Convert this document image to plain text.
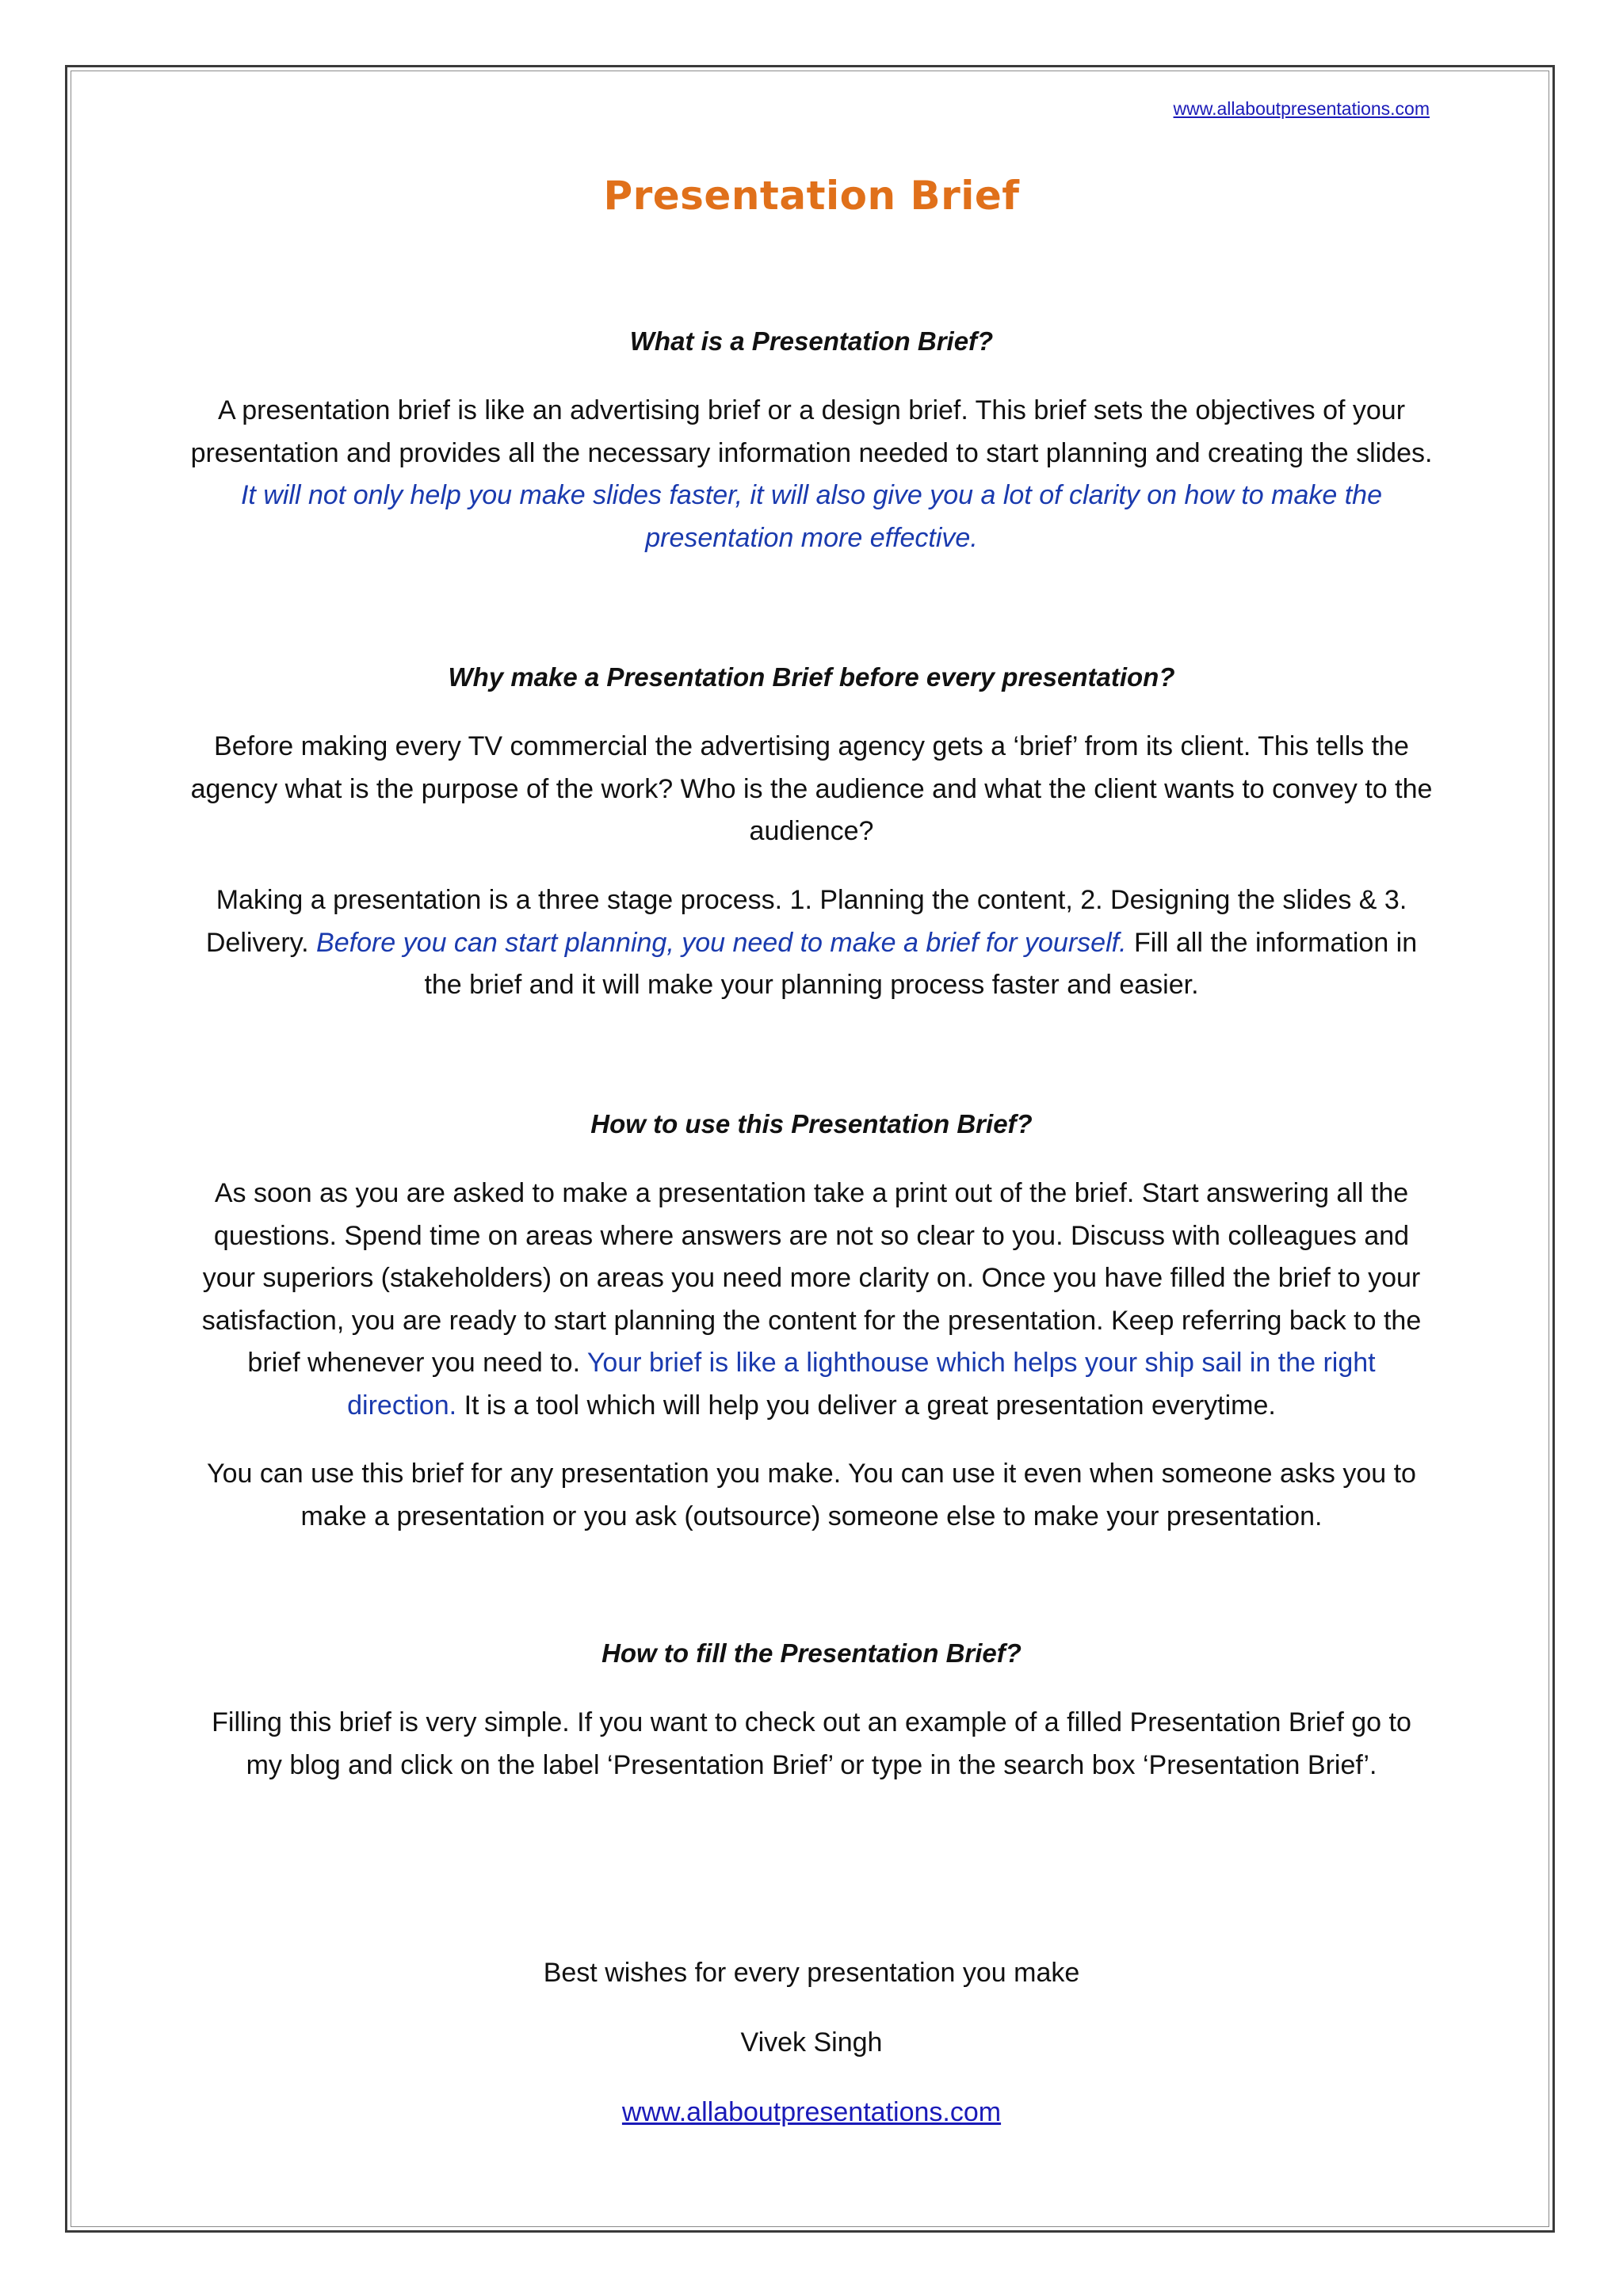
www.allaboutpresentations.com
Presentation Brief
What is a Presentation Brief?

A presentation brief is like an advertising brief or a design brief. This brief sets the objectives of your presentation and provides all the necessary information needed to start planning and creating the slides. It will not only help you make slides faster, it will also give you a lot of clarity on how to make the presentation more effective.

Why make a Presentation Brief before every presentation?

Before making every TV commercial the advertising agency gets a ‘brief’ from its client. This tells the agency what is the purpose of the work? Who is the audience and what the client wants to convey to the audience?

Making a presentation is a three stage process. 1. Planning the content, 2. Designing the slides & 3. Delivery. Before you can start planning, you need to make a brief for yourself. Fill all the information in the brief and it will make your planning process faster and easier.

How to use this Presentation Brief?

As soon as you are asked to make a presentation take a print out of the brief. Start answering all the questions. Spend time on areas where answers are not so clear to you. Discuss with colleagues and your superiors (stakeholders) on areas you need more clarity on. Once you have filled the brief to your satisfaction, you are ready to start planning the content for the presentation. Keep referring back to the brief whenever you need to. Your brief is like a lighthouse which helps your ship sail in the right direction. It is a tool which will help you deliver a great presentation everytime.

You can use this brief for any presentation you make. You can use it even when someone asks you to make a presentation or you ask (outsource) someone else to make your presentation.

How to fill the Presentation Brief?

Filling this brief is very simple. If you want to check out an example of a filled Presentation Brief go to my blog and click on the label ‘Presentation Brief’ or type in the search box ‘Presentation Brief’.

Best wishes for every presentation you make
Vivek Singh
www.allaboutpresentations.com
